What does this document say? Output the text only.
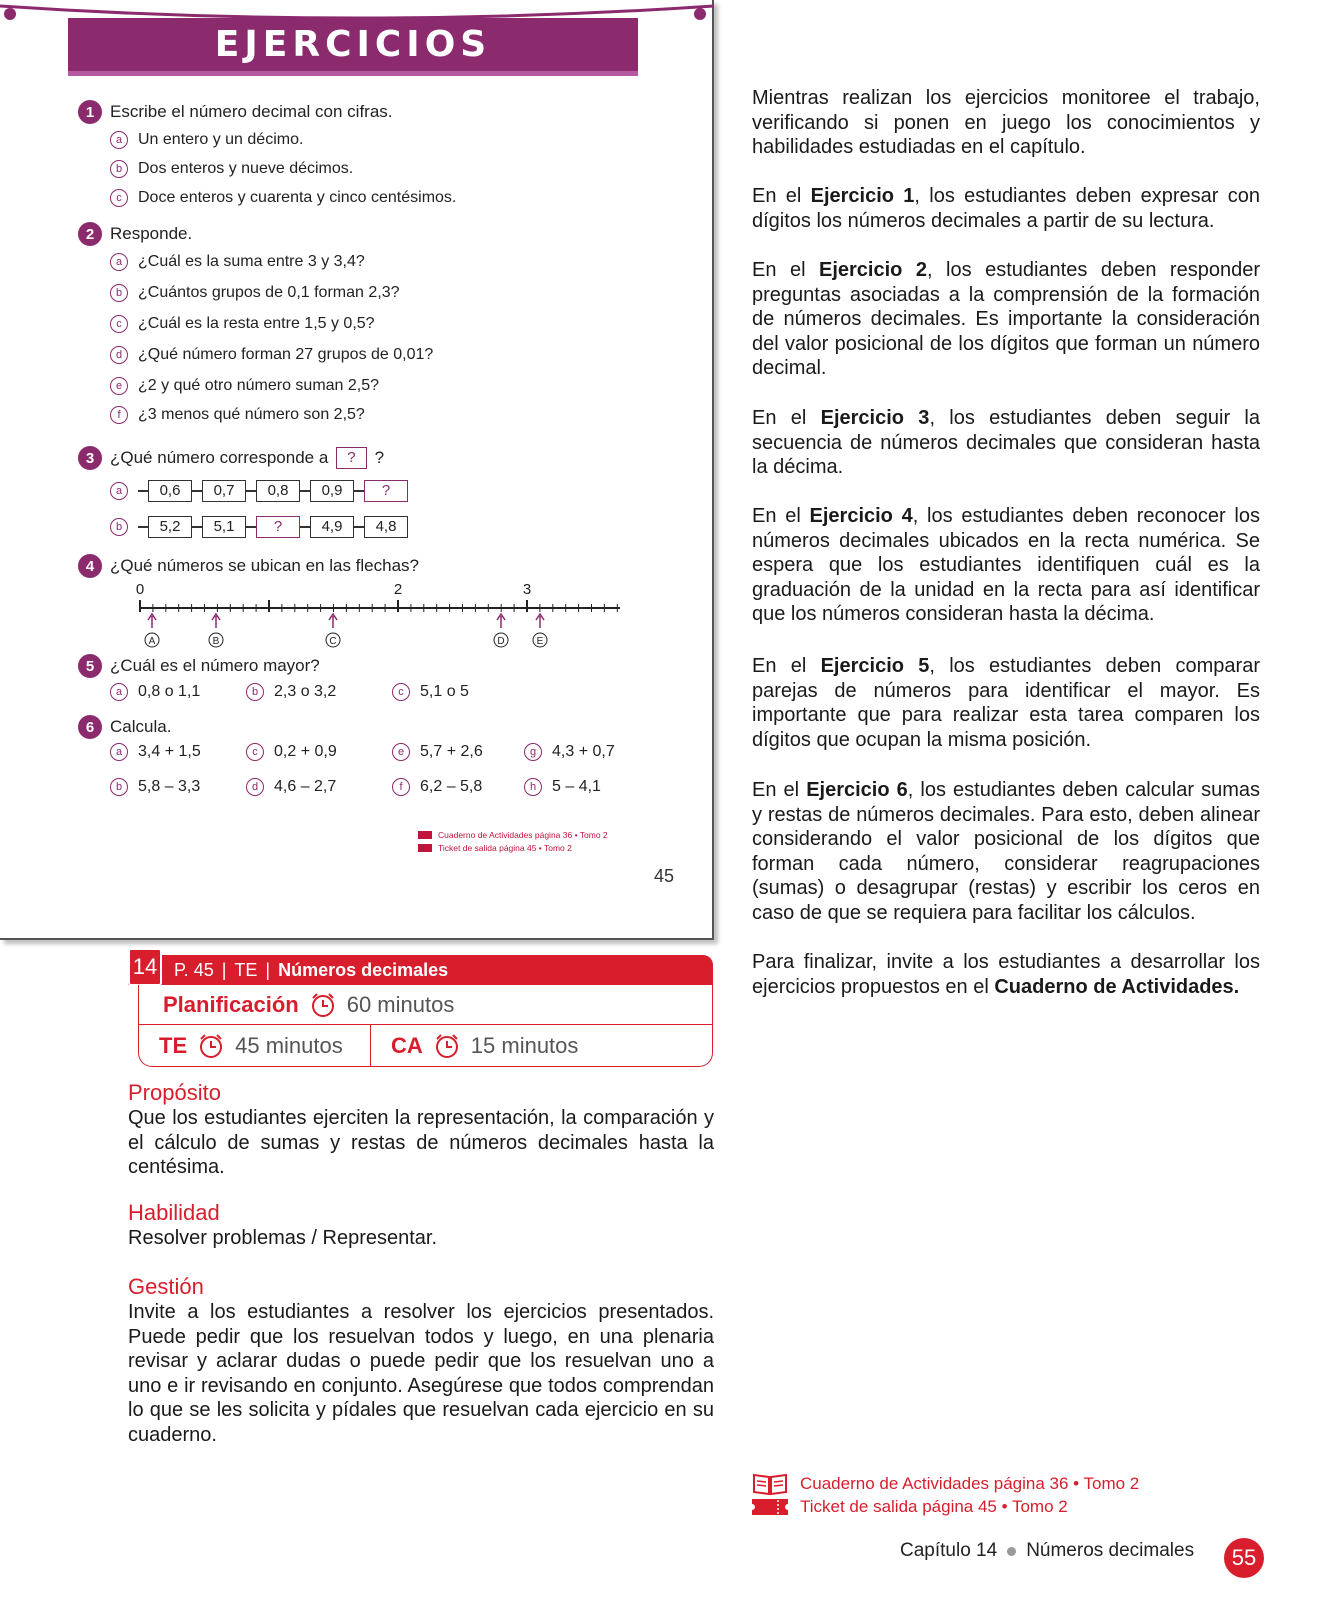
EJERCICIOS
1 Escribe el número decimal con cifras.
a Un entero y un décimo.
b Dos enteros y nueve décimos.
c	Doce enteros y cuarenta y cinco centésimos.
2 Responde.
a ¿Cuál es la suma entre 3 y 3,4?
b ¿Cuántos grupos de 0,1 forman 2,3?
c	¿Cuál es la resta entre 1,5 y 0,5?
d ¿Qué número forman 27 grupos de 0,01?
e ¿2 y qué otro número suman 2,5?
f	¿3 menos qué número son 2,5?
3 ¿Qué número corresponde a	?	?
a	0,6	0,7	0,8	0,9	?
b	5,2	5,1	?	4,9	4,8
4 ¿Qué números se ubican en las flechas?
0	2	3
A	B	C	D	E
5 ¿Cuál es el número mayor?
a 0,8 o 1,1	b 2,3 o 3,2	c	5,1 o 5
6 Calcula.
a 3,4 + 1,5	c	0,2 + 0,9	e 5,7 + 2,6	g 4,3 + 0,7
b 5,8 – 3,3	d 4,6 – 2,7	f	6,2 – 5,8	h 5 – 4,1
Cuaderno de Actividades página 36 • Tomo 2
Ticket de salida página 45 • Tomo 2
45
P. 45 | TE | Números decimales
14
Planificación 60 minutos
TE 45 minutos CA 15 minutos
Propósito
Que los estudiantes ejerciten la representación, la comparación y el cálculo de sumas y restas de números decimales hasta la centésima.
Habilidad
Resolver problemas / Representar.
Gestión
Invite a los estudiantes a resolver los ejercicios presentados. Puede pedir que los resuelvan todos y luego, en una plenaria revisar y aclarar dudas o puede pedir que los resuelvan uno a uno e ir revisando en conjunto. Asegúrese que todos comprendan lo que se les solicita y pídales que resuelvan cada ejercicio en su cuaderno.
Mientras realizan los ejercicios monitoree el trabajo, verificando si ponen en juego los conocimientos y habilidades estudiadas en el capítulo.
En el Ejercicio 1, los estudiantes deben expresar con dígitos los números decimales a partir de su lectura.
En el Ejercicio 2, los estudiantes deben responder preguntas asociadas a la comprensión de la formación de números decimales. Es importante la consideración del valor posicional de los dígitos que forman un número decimal.
En el Ejercicio 3, los estudiantes deben seguir la secuencia de números decimales que consideran hasta la décima.
En el Ejercicio 4, los estudiantes deben reconocer los números decimales ubicados en la recta numérica. Se espera que los estudiantes identifiquen cuál es la graduación de la unidad en la recta para así identificar que los números consideran hasta la décima.
En el Ejercicio 5, los estudiantes deben comparar parejas de números para identificar el mayor. Es importante que para realizar esta tarea comparen los dígitos que ocupan la misma posición.
En el Ejercicio 6, los estudiantes deben calcular sumas y restas de números decimales. Para esto, deben alinear considerando el valor posicional de los dígitos que forman cada número, considerar reagrupaciones (sumas) o desagrupar (restas) y escribir los ceros en caso de que se requiera para facilitar los cálculos.
Para finalizar, invite a los estudiantes a desarrollar los ejercicios propuestos en el Cuaderno de Actividades.
Cuaderno de Actividades página 36 • Tomo 2
Ticket de salida página 45 • Tomo 2
Capítulo 14 Números decimales	55
